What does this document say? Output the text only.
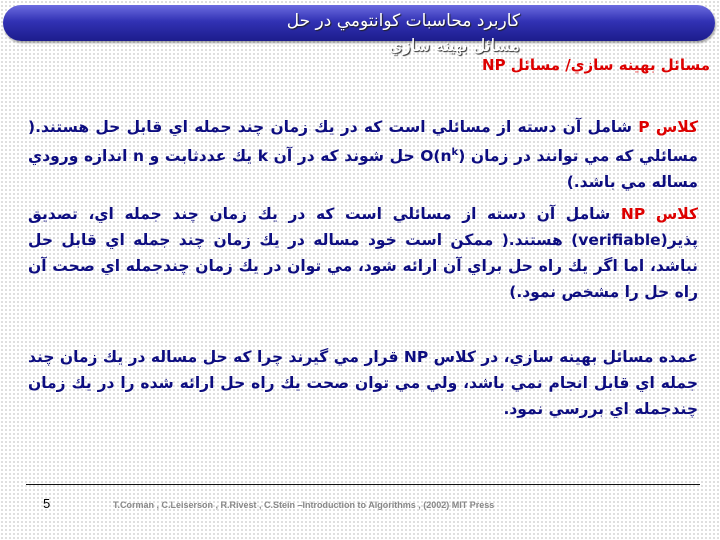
كاربرد محاسبات كوانتومي در حل مسائل بهينه سازي
مسائل بهينه سازي/ مسائل NP
كلاس P شامل آن دسته از مسائلي است كه در يك زمان چند جمله اي قابل حل هستند.( مسائلي كه مي توانند در زمان $O(n^k)$ حل شوند كه در آن k يك عددثابت و n اندازه ورودي مساله مي باشد.)
كلاس NP شامل آن دسته از مسائلي است كه در يك زمان چند جمله اي، تصديق پذير(verifiable) هستند.( ممكن است خود مساله در يك زمان چند جمله اي قابل حل نباشد، اما اگر يك راه حل براي آن ارائه شود، مي توان در يك زمان چندجمله اي صحت آن راه حل را مشخص نمود.)
عمده مسائل بهينه سازي، در كلاس NP قرار مي گيرند چرا كه حل مساله در يك زمان چند جمله اي قابل انجام نمي باشد، ولي مي توان صحت يك راه حل ارائه شده را در يك زمان چندجمله اي بررسي نمود.
5	T.Corman , C.Leiserson , R.Rivest , C.Stein –Introduction to Algorithms , (2002) MIT Press
